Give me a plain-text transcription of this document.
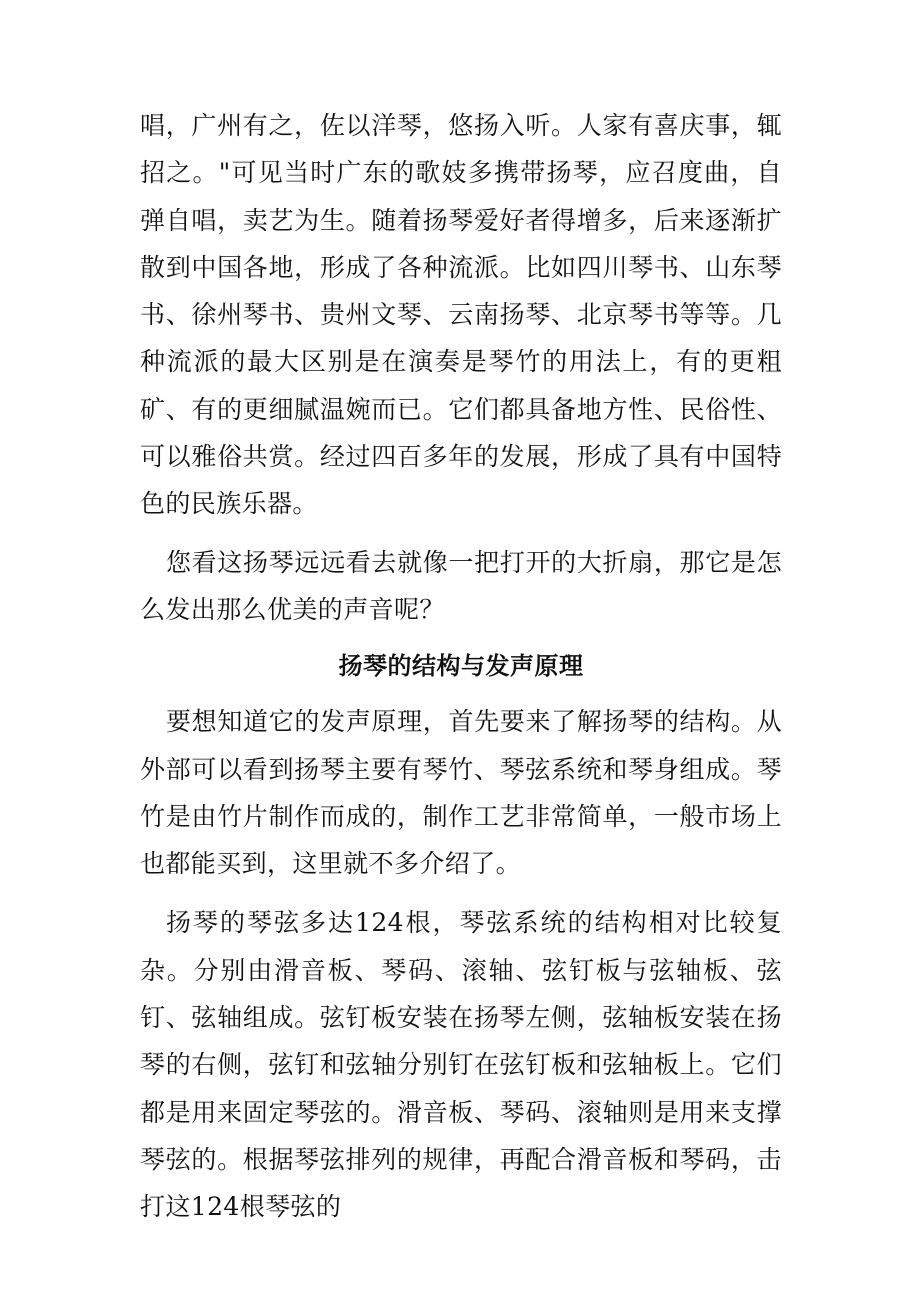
唱，广州有之，佐以洋琴，悠扬入听。人家有喜庆事，辄招之。"可见当时广东的歌妓多携带扬琴，应召度曲，自弹自唱，卖艺为生。随着扬琴爱好者得增多，后来逐渐扩散到中国各地，形成了各种流派。比如四川琴书、山东琴书、徐州琴书、贵州文琴、云南扬琴、北京琴书等等。几种流派的最大区别是在演奏是琴竹的用法上，有的更粗矿、有的更细腻温婉而已。它们都具备地方性、民俗性、可以雅俗共赏。经过四百多年的发展，形成了具有中国特色的民族乐器。

您看这扬琴远远看去就像一把打开的大折扇，那它是怎么发出那么优美的声音呢？

扬琴的结构与发声原理

要想知道它的发声原理，首先要来了解扬琴的结构。从外部可以看到扬琴主要有琴竹、琴弦系统和琴身组成。琴竹是由竹片制作而成的，制作工艺非常简单，一般市场上也都能买到，这里就不多介绍了。

扬琴的琴弦多达124根，琴弦系统的结构相对比较复杂。分别由滑音板、琴码、滚轴、弦钉板与弦轴板、弦钉、弦轴组成。弦钉板安装在扬琴左侧，弦轴板安装在扬琴的右侧，弦钉和弦轴分别钉在弦钉板和弦轴板上。它们都是用来固定琴弦的。滑音板、琴码、滚轴则是用来支撑琴弦的。根据琴弦排列的规律，再配合滑音板和琴码，击打这124根琴弦的
